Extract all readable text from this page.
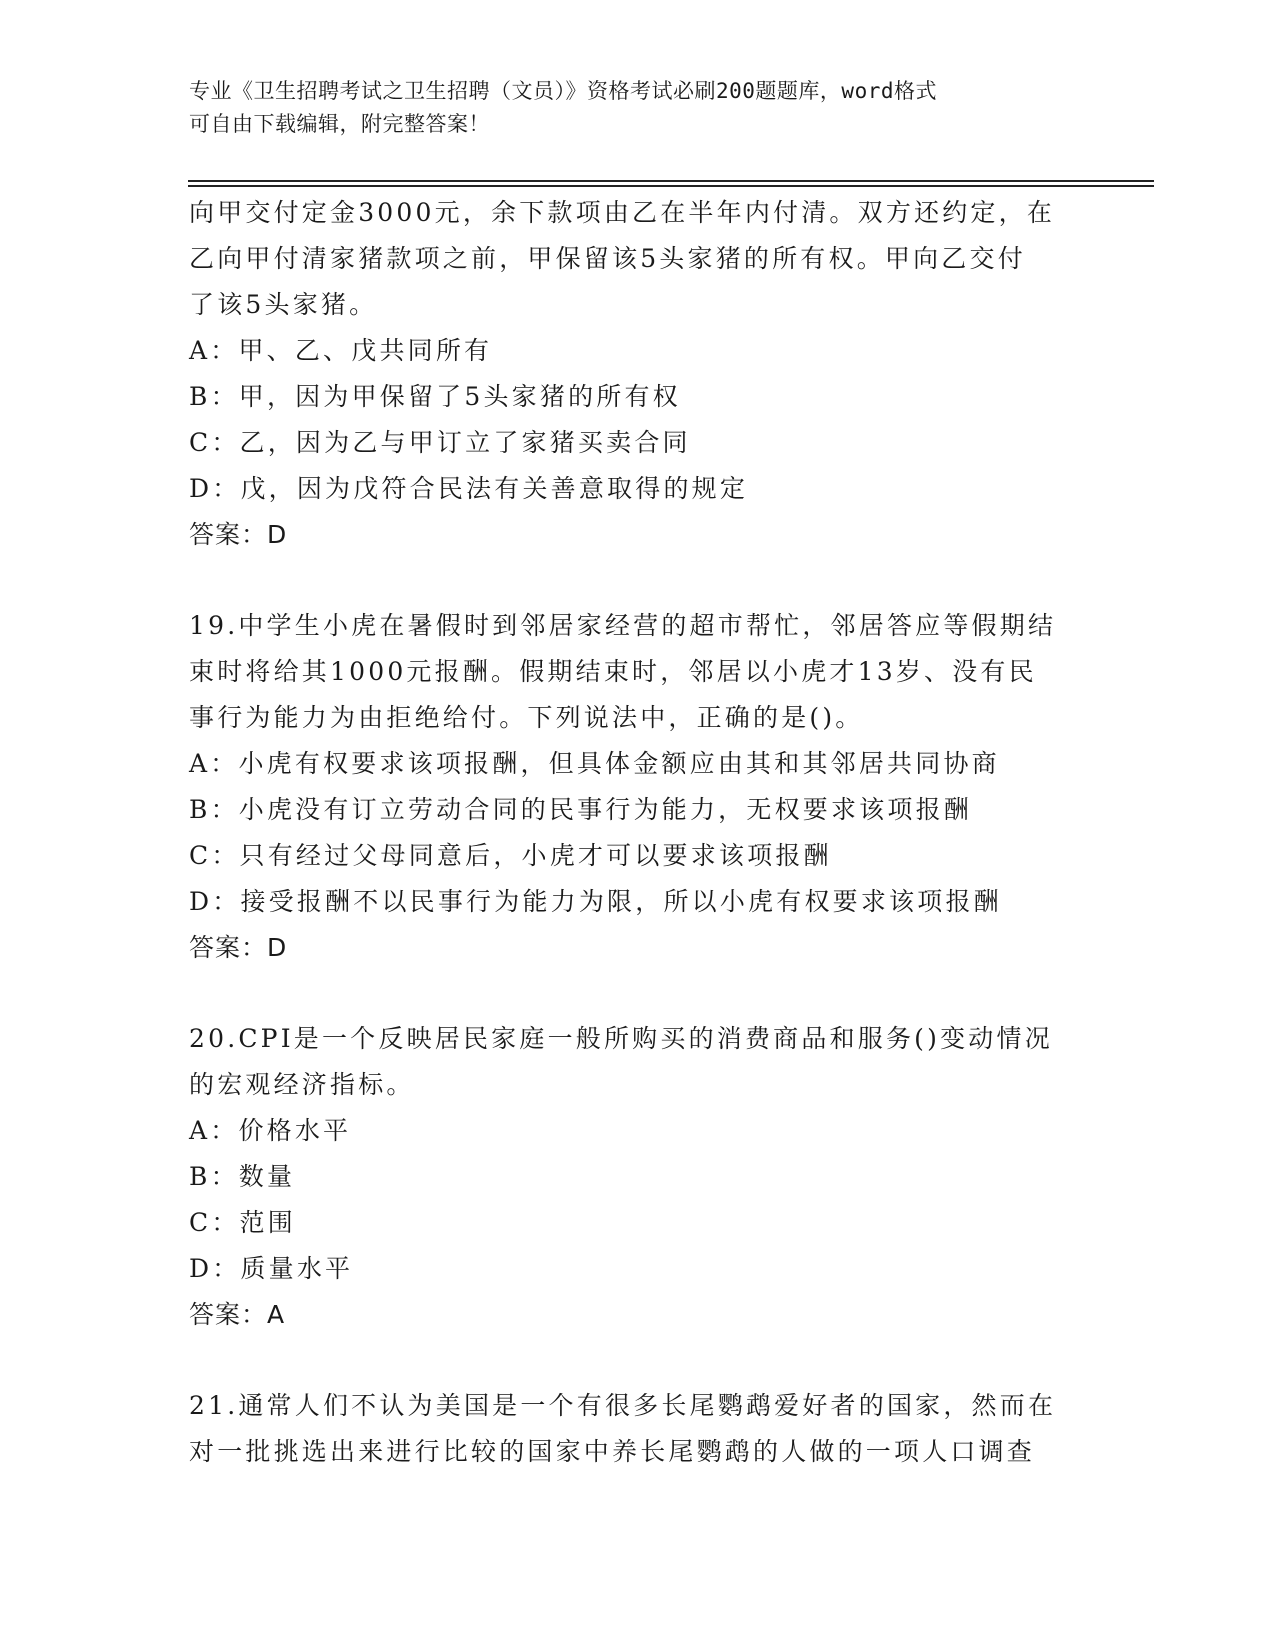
专业《卫生招聘考试之卫生招聘（文员）》资格考试必刷200题题库，word格式
可自由下载编辑，附完整答案！
向甲交付定金3000元，余下款项由乙在半年内付清。双方还约定，在
乙向甲付清家猪款项之前，甲保留该5头家猪的所有权。甲向乙交付
了该5头家猪。
A：甲、乙、戊共同所有
B：甲，因为甲保留了5头家猪的所有权
C：乙，因为乙与甲订立了家猪买卖合同
D：戊，因为戊符合民法有关善意取得的规定
答案：D
19.中学生小虎在暑假时到邻居家经营的超市帮忙，邻居答应等假期结
束时将给其1000元报酬。假期结束时，邻居以小虎才13岁、没有民
事行为能力为由拒绝给付。下列说法中，正确的是()。
A：小虎有权要求该项报酬，但具体金额应由其和其邻居共同协商
B：小虎没有订立劳动合同的民事行为能力，无权要求该项报酬
C：只有经过父母同意后，小虎才可以要求该项报酬
D：接受报酬不以民事行为能力为限，所以小虎有权要求该项报酬
答案：D
20.CPI是一个反映居民家庭一般所购买的消费商品和服务()变动情况
的宏观经济指标。
A：价格水平
B：数量
C：范围
D：质量水平
答案：A
21.通常人们不认为美国是一个有很多长尾鹦鹉爱好者的国家，然而在
对一批挑选出来进行比较的国家中养长尾鹦鹉的人做的一项人口调查
